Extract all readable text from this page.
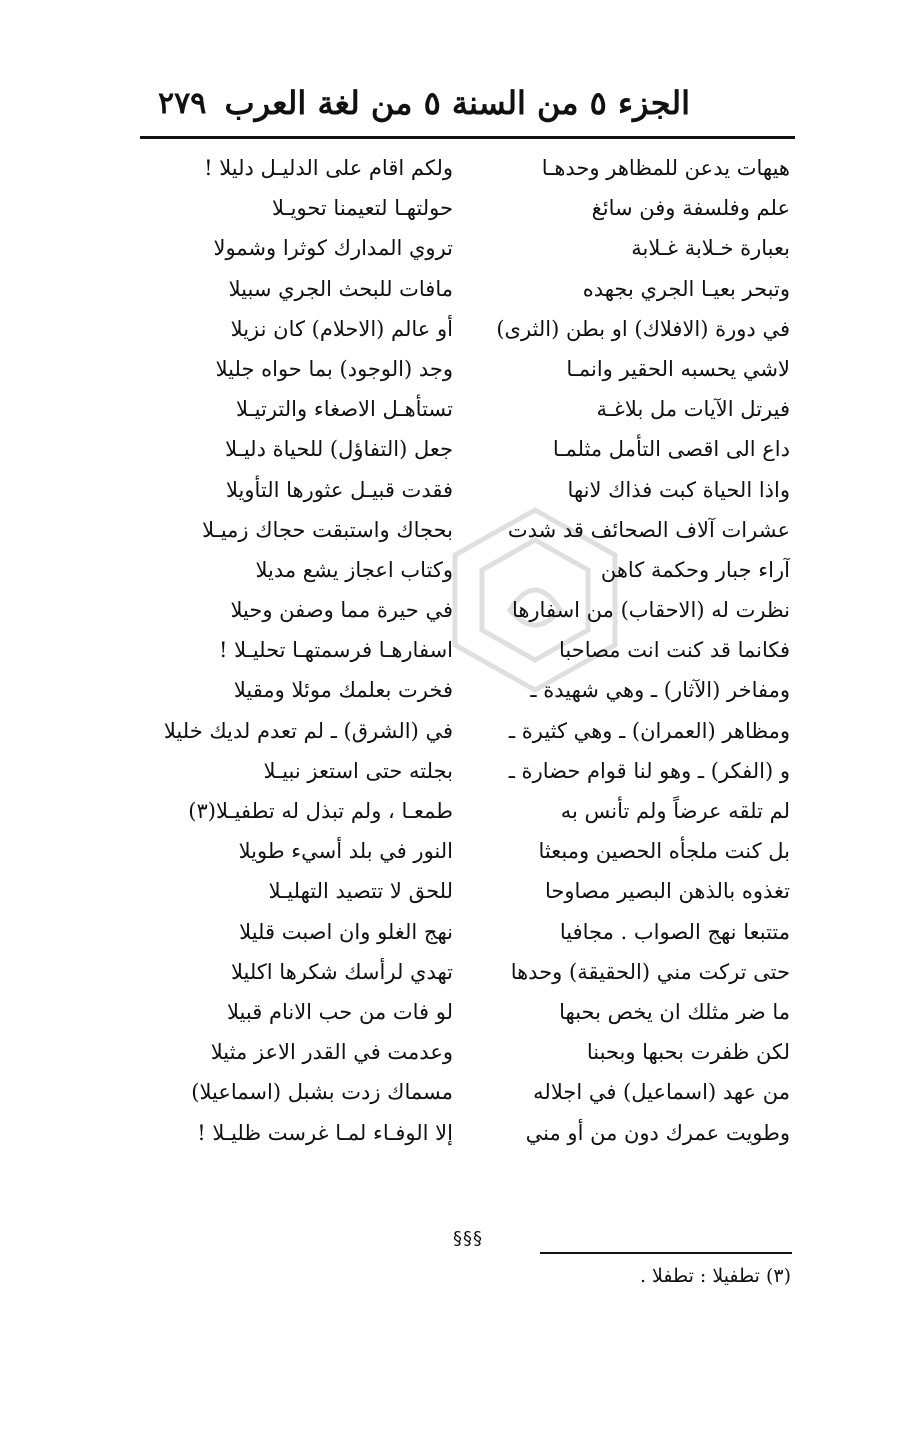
الجزء ٥ من السنة ٥ من لغة العرب
٢٧٩
هيهات يدعن للمظاهر وحدهـا
علم وفلسفة وفن سائغ
بعبارة خـلابة غـلابة
وتبحر بعيـا الجري بجهده
في دورة (الافلاك) او بطن (الثرى)
لاشي يحسبه الحقير وانمـا
فيرتل الآيات مل بلاغـة
داع الى اقصى التأمل مثلمـا
واذا الحياة كبت فذاك لانها
عشرات آلاف الصحائف قد شدت
آراء جبار وحكمة كاهن
نظرت له (الاحقاب) من اسفارها
فكانما قد كنت انت مصاحبا
ومفاخر (الآثار) ـ وهي شهيدة ـ
ومظاهر (العمران) ـ وهي كثيرة ـ
و (الفكر) ـ وهو لنا قوام حضارة ـ
لم تلقه عرضاً ولم تأنس به
بل كنت ملجأه الحصين ومبعثا
تغذوه بالذهن البصير مصاوحا
متتبعا نهج الصواب . مجافيا
حتى تركت مني (الحقيقة) وحدها
ما ضر مثلك ان يخص بحبها
لكن ظفرت بحبها وبحبنا
من عهد (اسماعيل) في اجلاله
وطويت عمرك دون من أو مني
ولكم اقام على الدليـل دليلا !
حولتهـا لتعيمنا تحويـلا
تروي المدارك كوثرا وشمولا
مافات للبحث الجري سبيلا
أو عالم (الاحلام) كان نزيلا
وجد (الوجود) بما حواه جليلا
تستأهـل الاصغاء والترتيـلا
جعل (التفاؤل) للحياة دليـلا
فقدت قبيـل عثورها التأويلا
بحجاك واستبقت حجاك زميـلا
وكتاب اعجاز يشع مديلا
في حيرة مما وصفن وحيلا
اسفارهـا فرسمتهـا تحليـلا !
فخرت بعلمك موئلا ومقيلا
في (الشرق) ـ لم تعدم لديك خليلا
بجلته حتى استعز نبيـلا
طمعـا ، ولم تبذل له تطفيـلا(٣)
النور في بلد أسيء طويلا
للحق لا تتصيد التهليـلا
نهج الغلو وان اصبت قليلا
تهدي لرأسك شكرها اكليلا
لو فات من حب الانام قبيلا
وعدمت في القدر الاعز مثيلا
مسماك زدت بشبل (اسماعيلا)
إلا الوفـاء لمـا غرست ظليـلا !
§§§
(٣) تطفيلا : تطفلا .
